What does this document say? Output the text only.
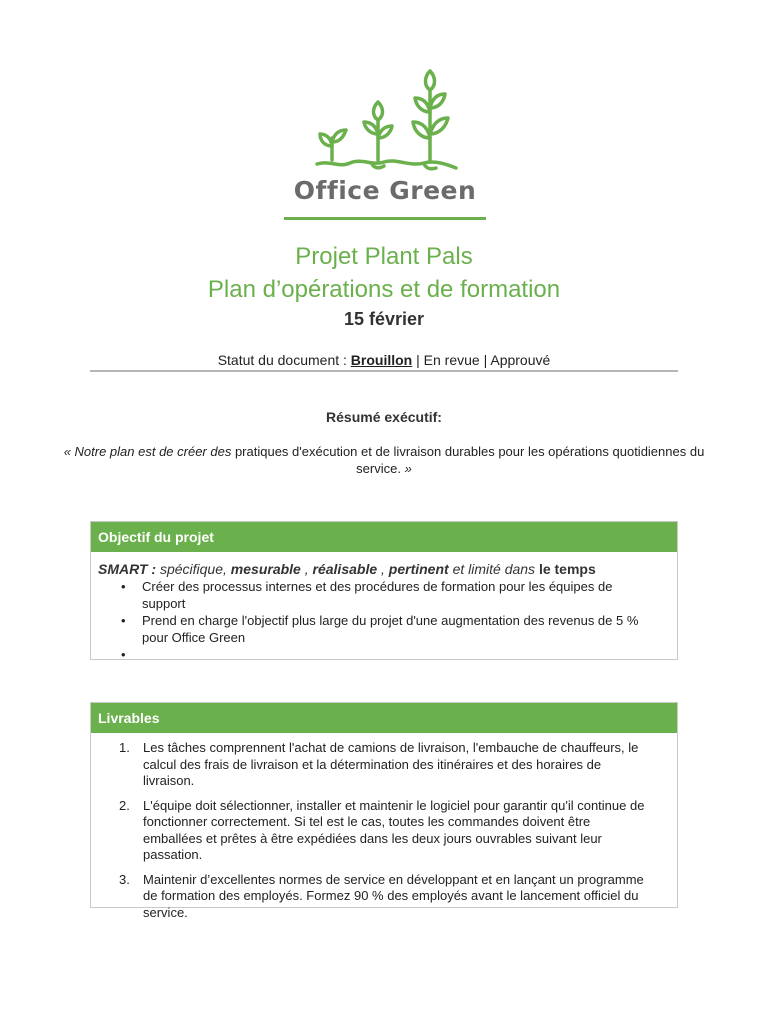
Office Green
Projet Plant Pals
Plan d’opérations et de formation
15 février
Statut du document : Brouillon | En revue | Approuvé
Résumé exécutif:
« Notre plan est de créer des pratiques d'exécution et de livraison durables pour les opérations quotidiennes du service. »
Objectif du projet
SMART : spécifique, mesurable , réalisable , pertinent et limité dans le temps
• Créer des processus internes et des procédures de formation pour les équipes de support
• Prend en charge l'objectif plus large du projet d'une augmentation des revenus de 5 % pour Office Green
•
Livrables
1. Les tâches comprennent l'achat de camions de livraison, l'embauche de chauffeurs, le calcul des frais de livraison et la détermination des itinéraires et des horaires de livraison.
2. L'équipe doit sélectionner, installer et maintenir le logiciel pour garantir qu'il continue de fonctionner correctement. Si tel est le cas, toutes les commandes doivent être emballées et prêtes à être expédiées dans les deux jours ouvrables suivant leur passation.
3. Maintenir d’excellentes normes de service en développant et en lançant un programme de formation des employés. Formez 90 % des employés avant le lancement officiel du service.
